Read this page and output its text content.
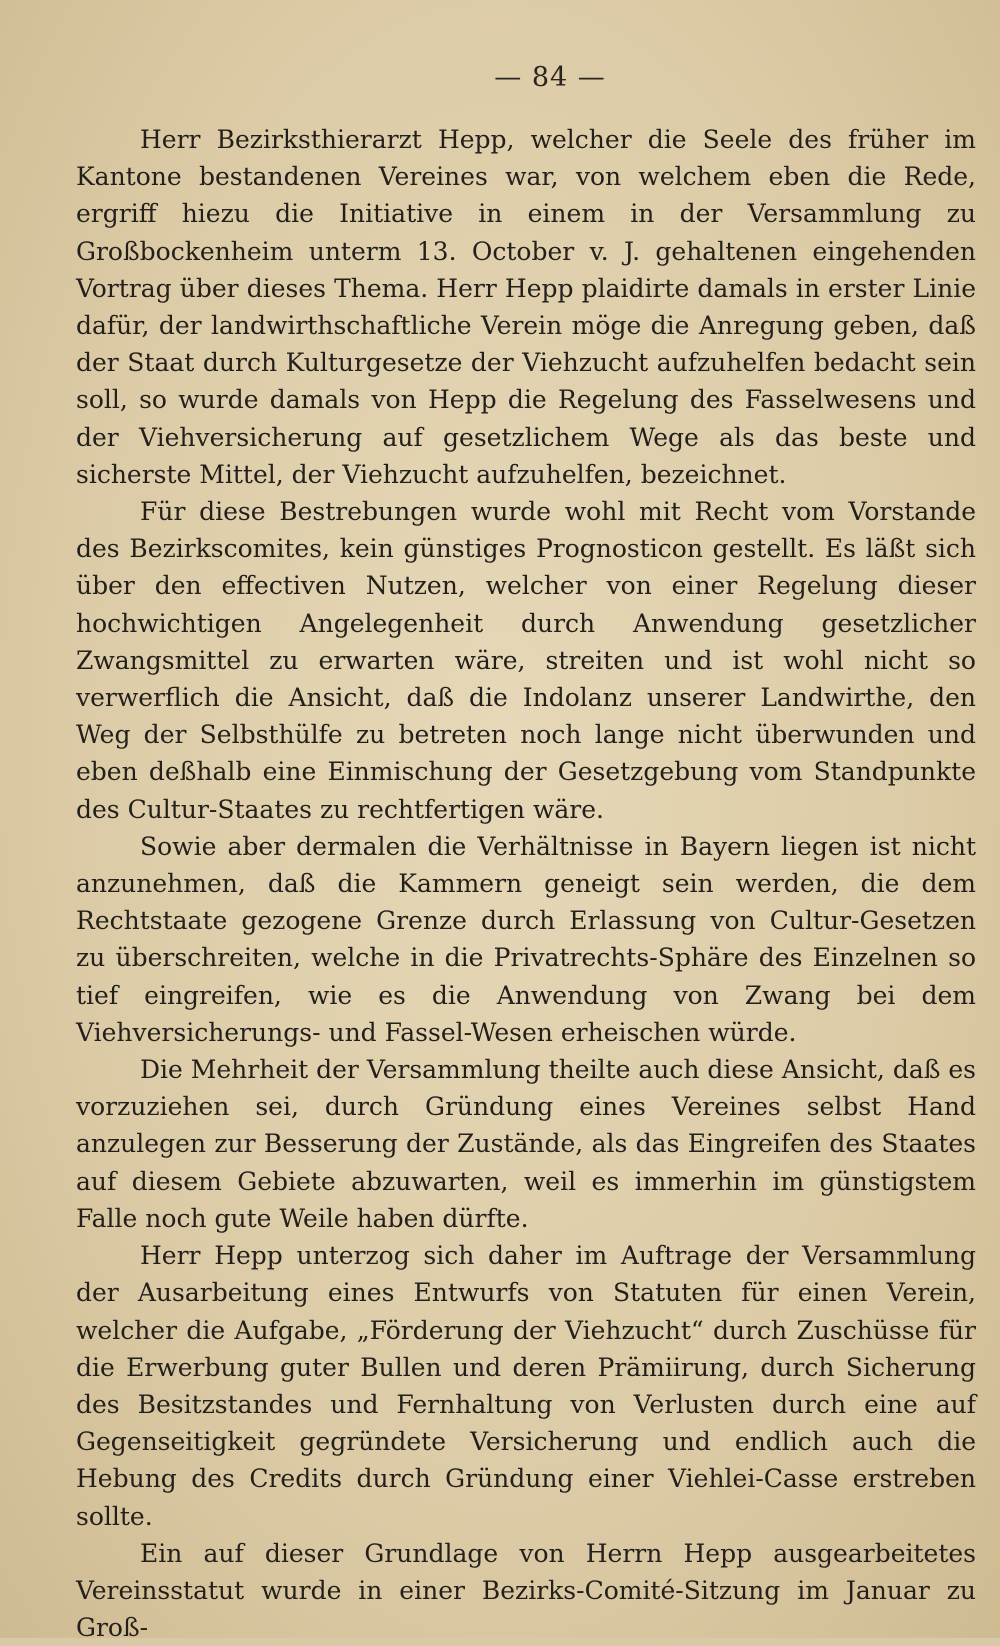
— 84 —

Herr Bezirksthierarzt Hepp, welcher die Seele des früher im Kantone bestandenen Vereines war, von welchem eben die Rede, ergriff hiezu die Initiative in einem in der Versammlung zu Großbockenheim unterm 13. October v. J. gehaltenen eingehenden Vortrag über dieses Thema. Herr Hepp plaidirte damals in erster Linie dafür, der landwirthschaftliche Verein möge die Anregung geben, daß der Staat durch Kulturgesetze der Viehzucht aufzuhelfen bedacht sein soll, so wurde damals von Hepp die Regelung des Fasselwesens und der Viehversicherung auf gesetzlichem Wege als das beste und sicherste Mittel, der Viehzucht aufzuhelfen, bezeichnet.

Für diese Bestrebungen wurde wohl mit Recht vom Vorstande des Bezirkscomites, kein günstiges Prognosticon gestellt. Es läßt sich über den effectiven Nutzen, welcher von einer Regelung dieser hochwichtigen Angelegenheit durch Anwendung gesetzlicher Zwangsmittel zu erwarten wäre, streiten und ist wohl nicht so verwerflich die Ansicht, daß die Indolanz unserer Landwirthe, den Weg der Selbsthülfe zu betreten noch lange nicht überwunden und eben deßhalb eine Einmischung der Gesetzgebung vom Standpunkte des Cultur-Staates zu rechtfertigen wäre.

Sowie aber dermalen die Verhältnisse in Bayern liegen ist nicht anzunehmen, daß die Kammern geneigt sein werden, die dem Rechtstaate gezogene Grenze durch Erlassung von Cultur-Gesetzen zu überschreiten, welche in die Privatrechts-Sphäre des Einzelnen so tief eingreifen, wie es die Anwendung von Zwang bei dem Viehversicherungs- und Fassel-Wesen erheischen würde.

Die Mehrheit der Versammlung theilte auch diese Ansicht, daß es vorzuziehen sei, durch Gründung eines Vereines selbst Hand anzulegen zur Besserung der Zustände, als das Eingreifen des Staates auf diesem Gebiete abzuwarten, weil es immerhin im günstigstem Falle noch gute Weile haben dürfte.

Herr Hepp unterzog sich daher im Auftrage der Versammlung der Ausarbeitung eines Entwurfs von Statuten für einen Verein, welcher die Aufgabe, „Förderung der Viehzucht“ durch Zuschüsse für die Erwerbung guter Bullen und deren Prämiirung, durch Sicherung des Besitzstandes und Fernhaltung von Verlusten durch eine auf Gegenseitigkeit gegründete Versicherung und endlich auch die Hebung des Credits durch Gründung einer Viehlei-Casse erstreben sollte.

Ein auf dieser Grundlage von Herrn Hepp ausgearbeitetes Vereinsstatut wurde in einer Bezirks-Comité-Sitzung im Januar zu Groß-
